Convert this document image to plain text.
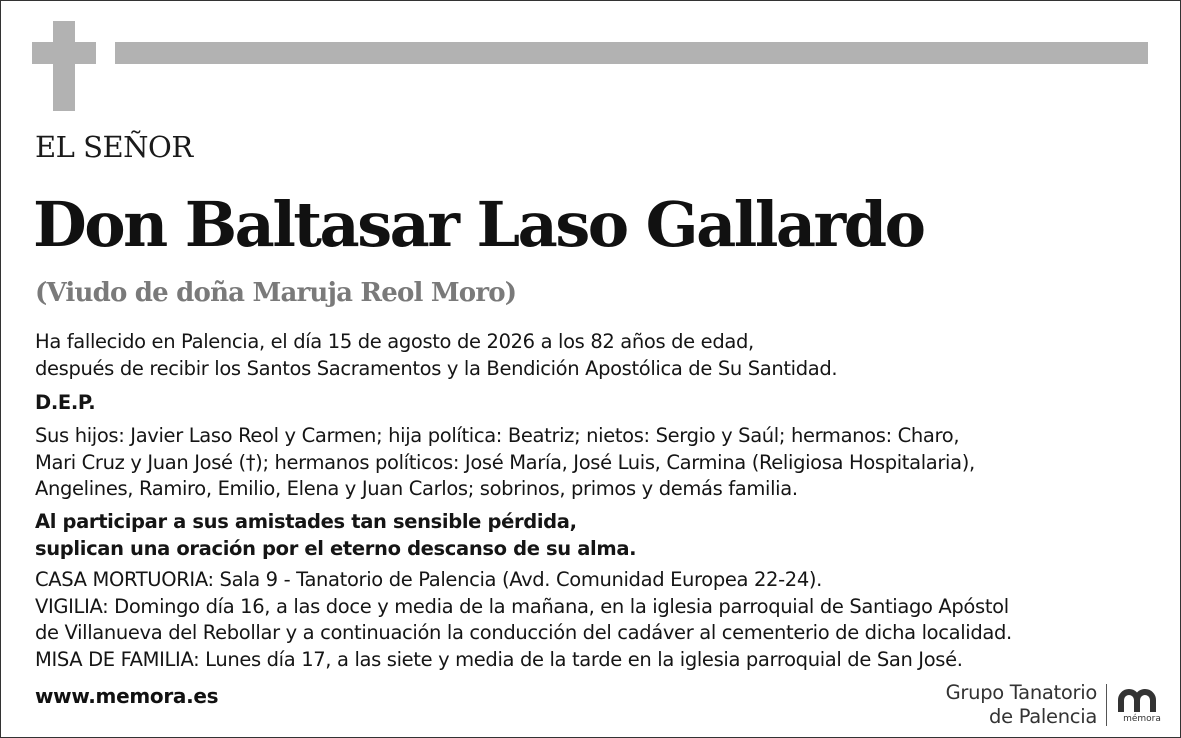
EL SEÑOR
Don Baltasar Laso Gallardo
(Viudo de doña Maruja Reol Moro)
Ha fallecido en Palencia, el día 15 de agosto de 2026 a los 82 años de edad,
después de recibir los Santos Sacramentos y la Bendición Apostólica de Su Santidad.
D.E.P.
Sus hijos: Javier Laso Reol y Carmen; hija política: Beatriz; nietos: Sergio y Saúl; hermanos: Charo,
Mari Cruz y Juan José (†); hermanos políticos: José María, José Luis, Carmina (Religiosa Hospitalaria),
Angelines, Ramiro, Emilio, Elena y Juan Carlos; sobrinos, primos y demás familia.
Al participar a sus amistades tan sensible pérdida,
suplican una oración por el eterno descanso de su alma.
CASA MORTUORIA: Sala 9 - Tanatorio de Palencia (Avd. Comunidad Europea 22-24).
VIGILIA: Domingo día 16, a las doce y media de la mañana, en la iglesia parroquial de Santiago Apóstol
de Villanueva del Rebollar y a continuación la conducción del cadáver al cementerio de dicha localidad.
MISA DE FAMILIA: Lunes día 17, a las siete y media de la tarde en la iglesia parroquial de San José.
www.memora.es	Grupo Tanatorio
de Palencia	mémora
